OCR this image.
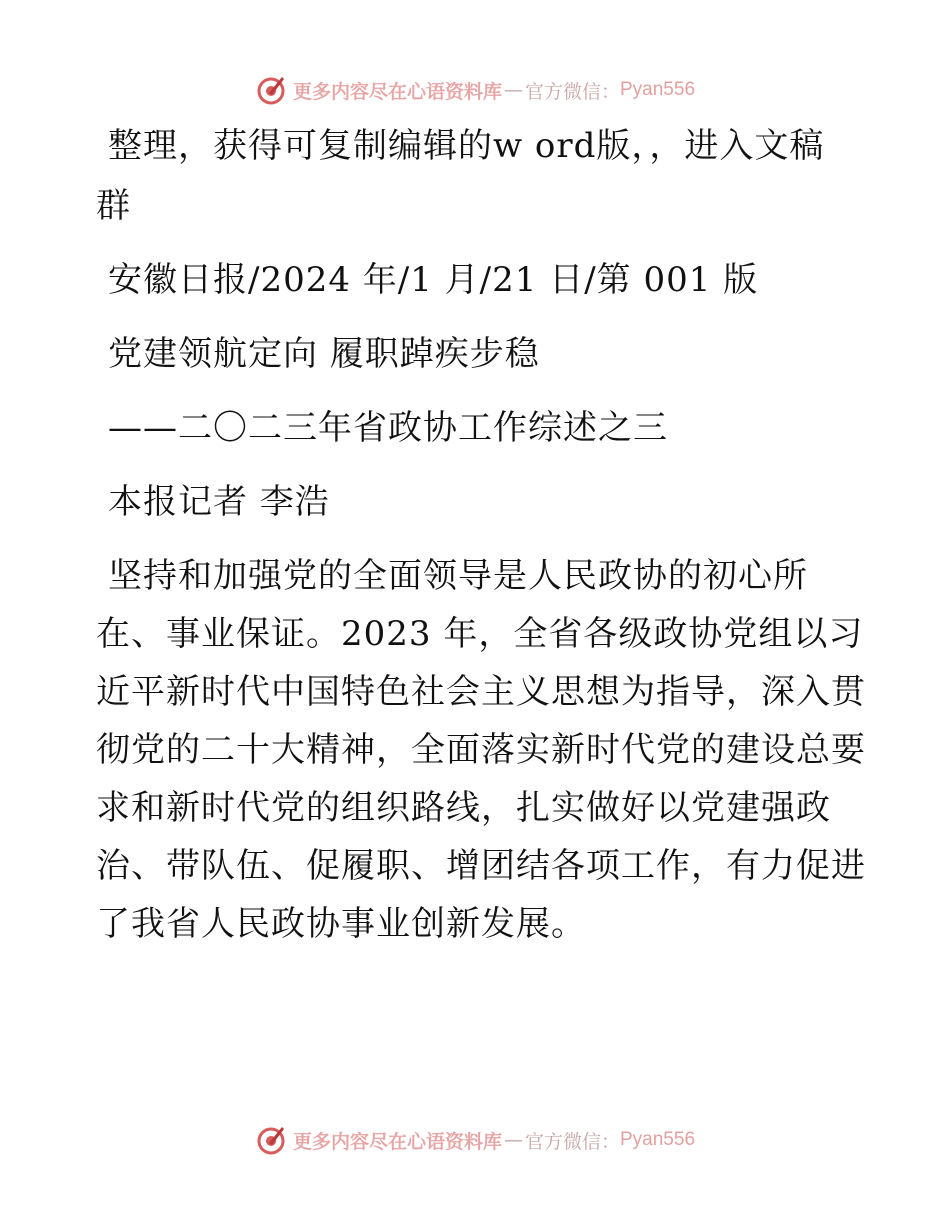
更多内容尽在心语资料库 — 官方微信： Pyan556
整理，获得可复制编辑的w ord版，，进入文稿
群
安徽日报/2024 年/1 月/21 日/第 001 版
党建领航定向 履职踔疾步稳
——二〇二三年省政协工作综述之三
本报记者 李浩
坚持和加强党的全面领导是人民政协的初心所
在、事业保证。2023 年，全省各级政协党组以习
近平新时代中国特色社会主义思想为指导，深入贯
彻党的二十大精神，全面落实新时代党的建设总要
求和新时代党的组织路线，扎实做好以党建强政
治、带队伍、促履职、增团结各项工作，有力促进
了我省人民政协事业创新发展。
更多内容尽在心语资料库 — 官方微信： Pyan556
